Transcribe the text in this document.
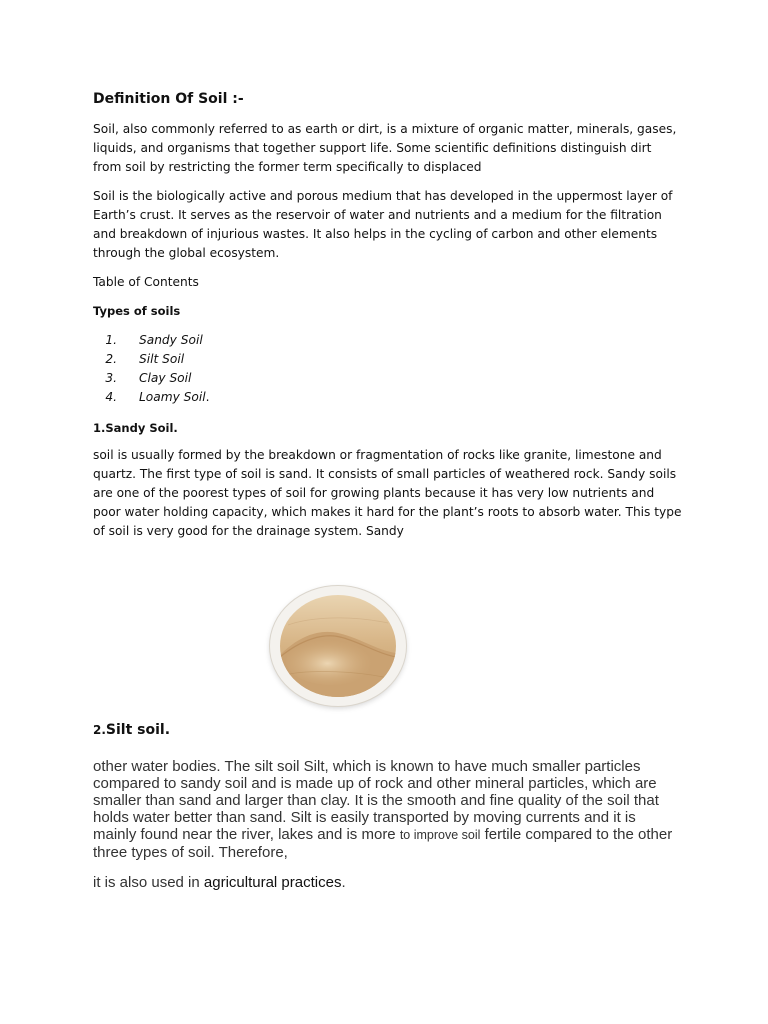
Definition Of Soil :-

Soil, also commonly referred to as earth or dirt, is a mixture of organic matter, minerals, gases, liquids, and organisms that together support life. Some scientific definitions distinguish dirt from soil by restricting the former term specifically to displaced

Soil is the biologically active and porous medium that has developed in the uppermost layer of Earth’s crust. It serves as the reservoir of water and nutrients and a medium for the filtration and breakdown of injurious wastes. It also helps in the cycling of carbon and other elements through the global ecosystem.

Table of Contents
Types of soils
1. Sandy Soil
2. Silt Soil
3. Clay Soil
4. Loamy Soil.
1.Sandy Soil.

soil is usually formed by the breakdown or fragmentation of rocks like granite, limestone and quartz. The first type of soil is sand. It consists of small particles of weathered rock. Sandy soils are one of the poorest types of soil for growing plants because it has very low nutrients and poor water holding capacity, which makes it hard for the plant’s roots to absorb water. This type of soil is very good for the drainage system. Sandy

2.Silt soil.

other water bodies. The silt soil Silt, which is known to have much smaller particles compared to sandy soil and is made up of rock and other mineral particles, which are smaller than sand and larger than clay. It is the smooth and fine quality of the soil that holds water better than sand. Silt is easily transported by moving currents and it is mainly found near the river, lakes and is more to improve soil fertile compared to the other three types of soil. Therefore,

it is also used in agricultural practices.
